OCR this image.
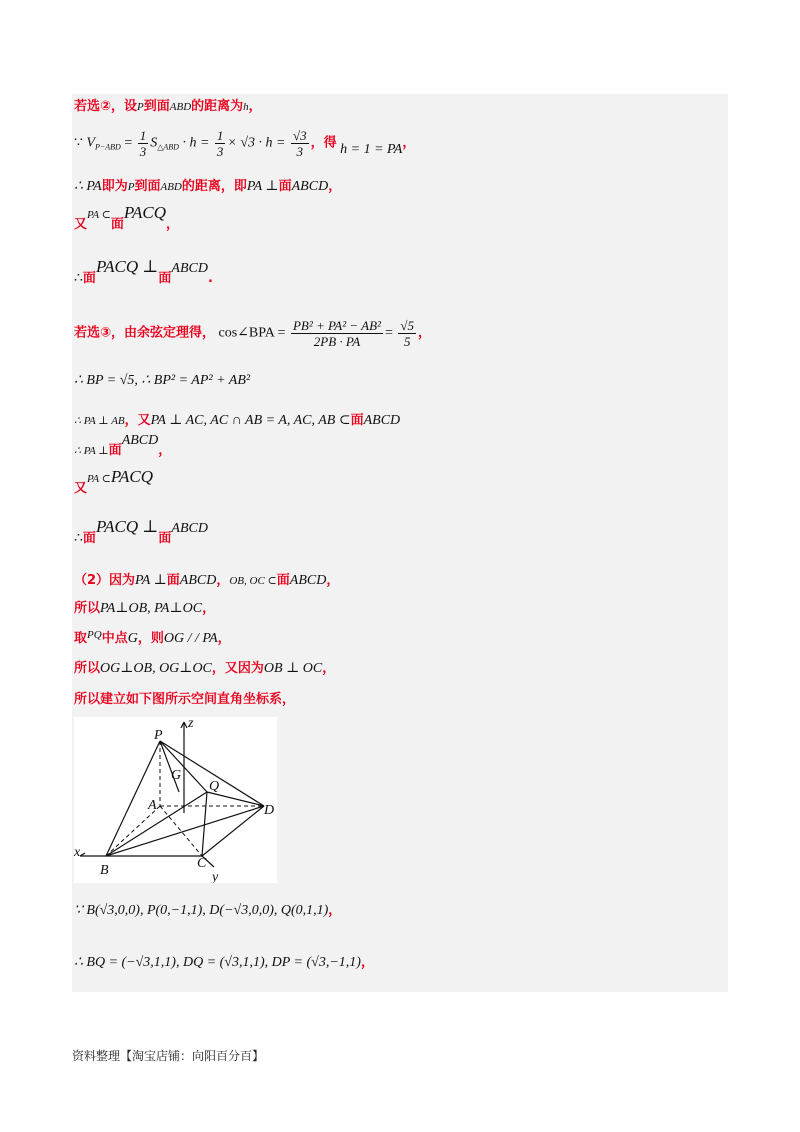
若选②，设P到面ABD的距离为h，
∵ $V_{P-ABD} = \frac{1}{3} S_{\triangle ABD} \cdot h = \frac{1}{3} \times √3 \cdot h = \frac{√3}{3}$ ，得 h = 1 = PA，
∴ PA即为P到面ABD的距离，即PA ⊥面ABCD，
又$^{PA \subset}$面PACQ，
∴面PACQ ⊥面ABCD.
若选③，由余弦定理得， cos∠BPA = $\frac{\text{PB² + PA² − AB²}}{2PB \cdot PA} = \frac{√5}{5}$ ，
∴ BP = √5, ∴ BP² = AP² + AB²
∴ PA ⊥ AB，又PA ⊥ AC, AC ∩ AB = A, AC, AB ⊂面ABCD
∴ PA ⊥面ABCD，
又$^{PA \subset}$PACQ
∴面PACQ ⊥面ABCD
（2）因为PA ⊥面ABCD，OB, OC ⊂面ABCD，
所以PA⊥OB, PA⊥OC，
取$^{PQ}$中点G，则OG / / PA，
所以OG⊥OB, OG⊥OC，又因为OB ⊥ OC，
所以建立如下图所示空间直角坐标系，
P
z
G
Q
A	D
x
B	C
y
∵ B(√3,0,0), P(0,−1,1), D(−√3,0,0), Q(0,1,1)，
∴ BQ = (−√3,1,1), DQ = (√3,1,1), DP = (√3,−1,1)，
资料整理【淘宝店铺：向阳百分百】
